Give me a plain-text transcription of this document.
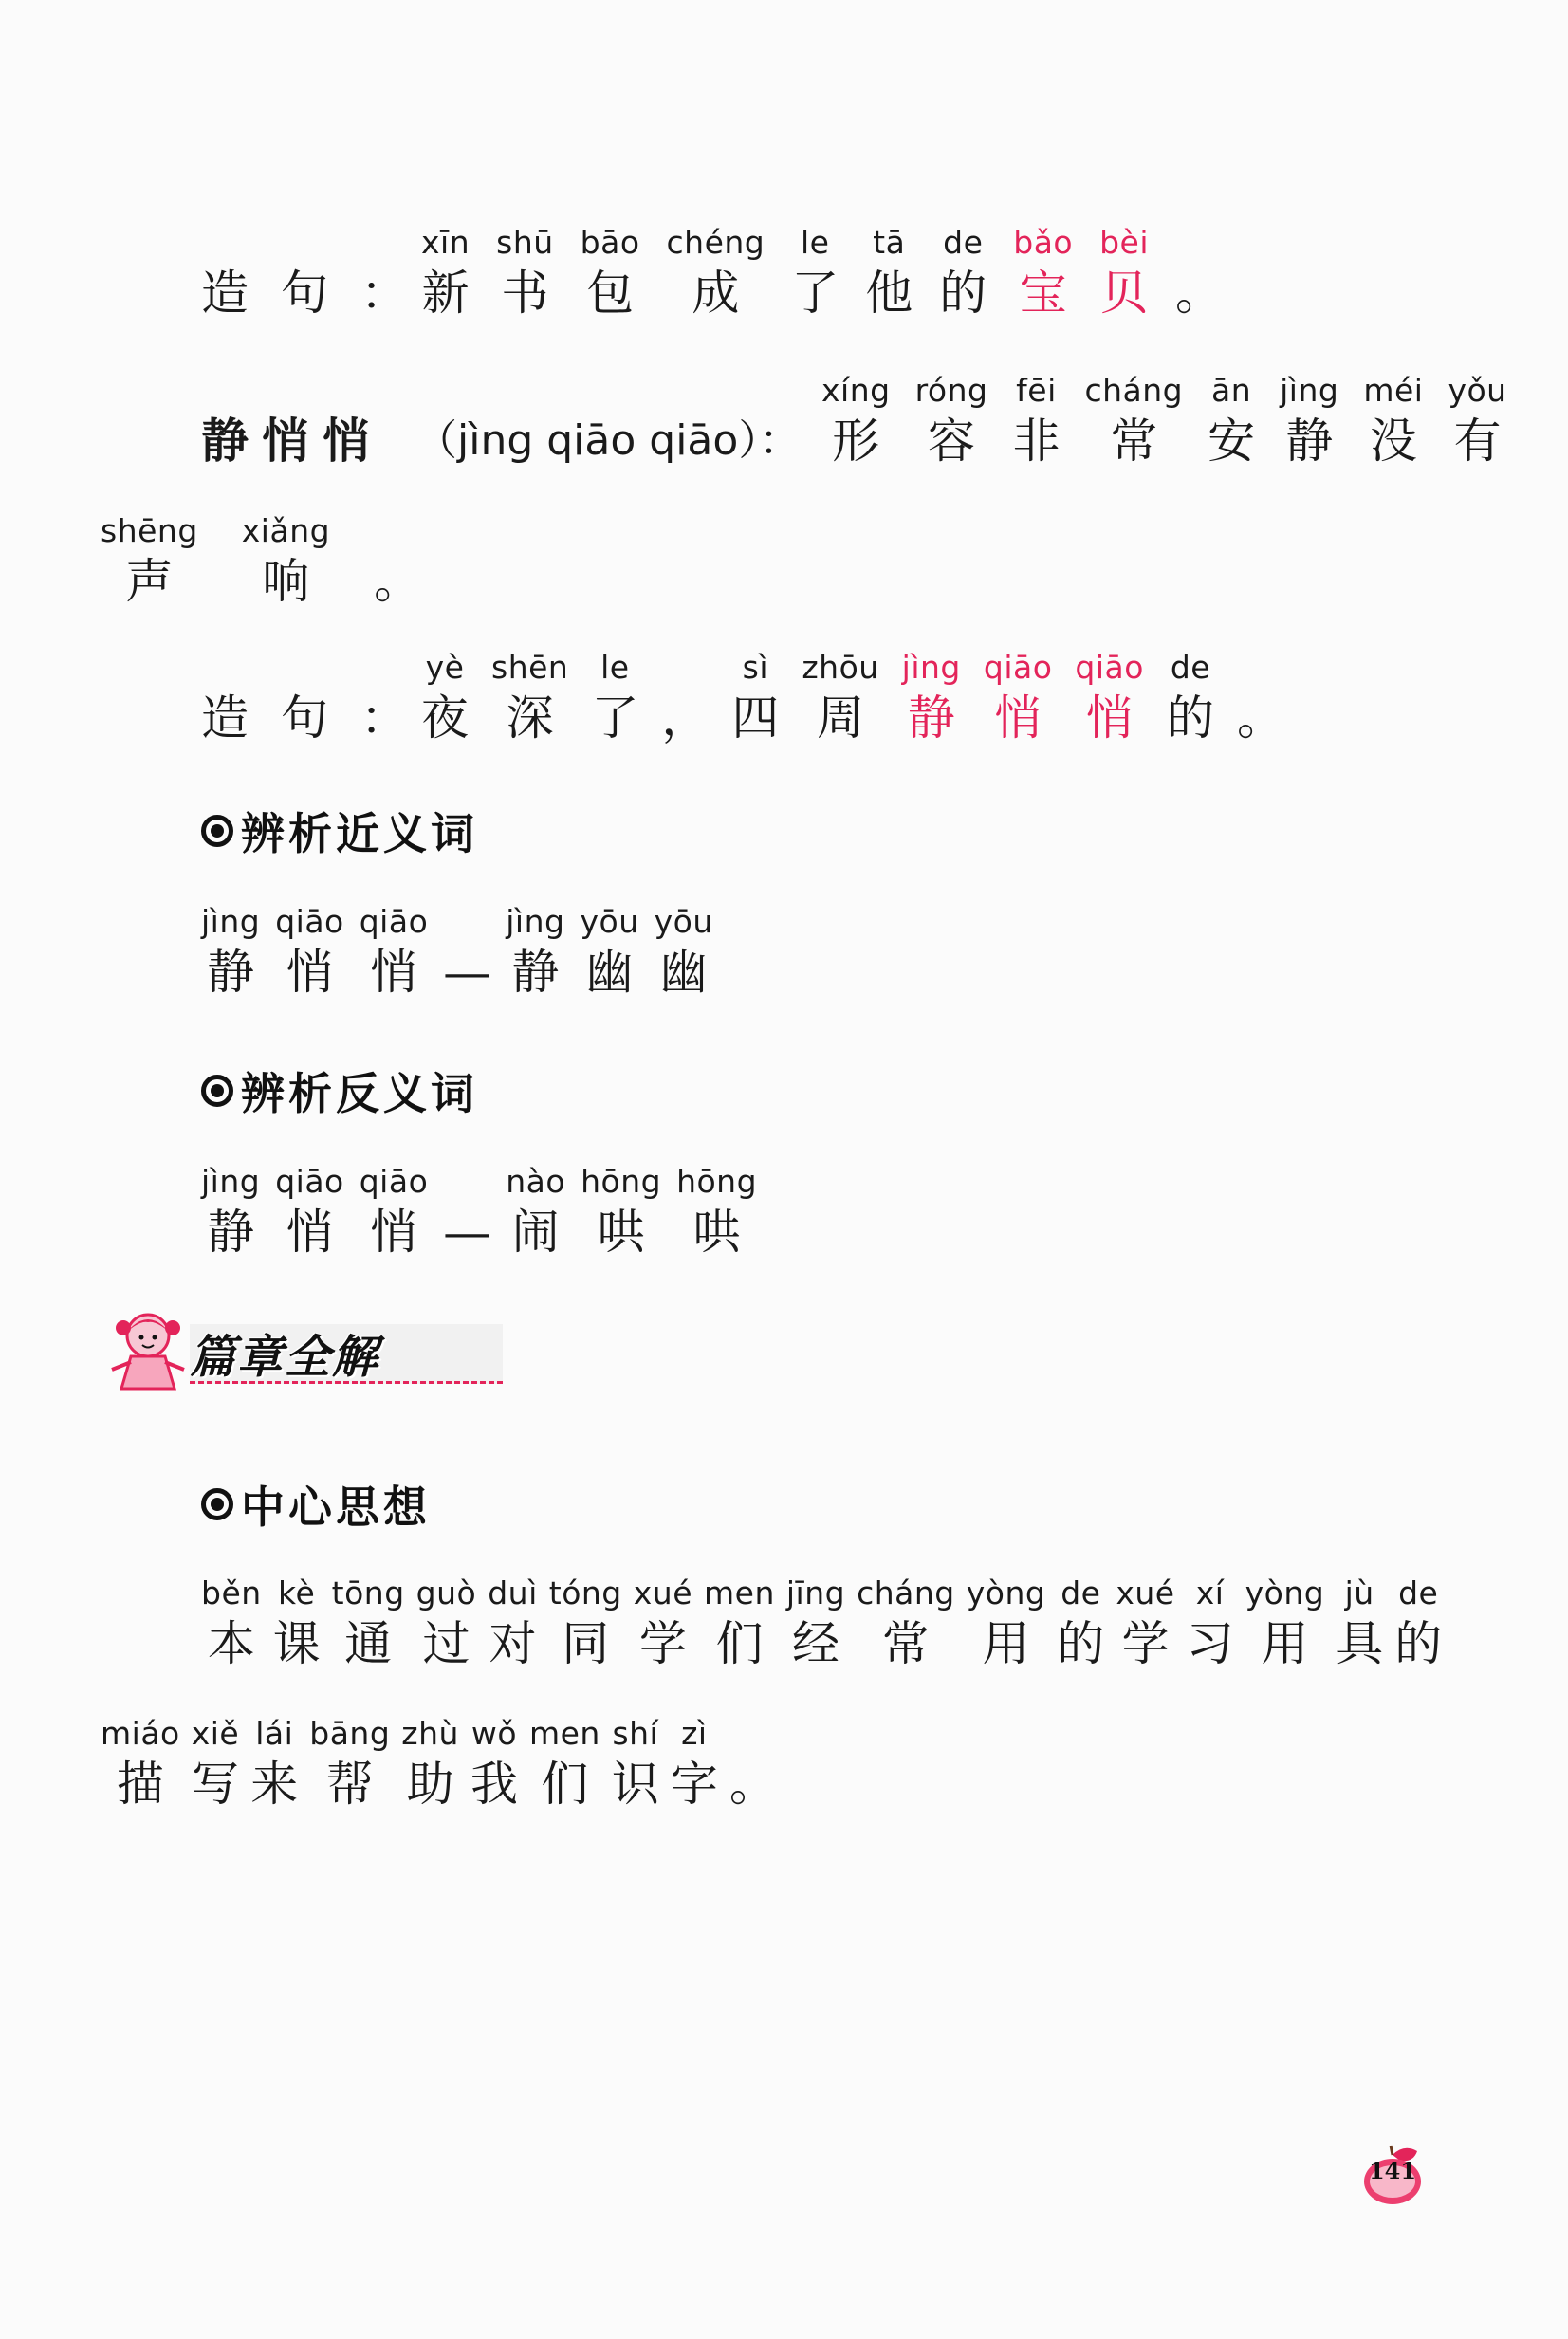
造 句 ：
xīn
新
shū
书
bāo
包
chéng
成
le
了
tā
他
de
的
bǎo
宝
bèi
贝 。
静 悄 悄 （jìng qiāo qiāo）：
xíng
形
róng
容
fēi
非
cháng
常
ān
安
jìng
静
méi
没
yǒu
有
shēng
声
xiǎng
响 。
造 句 ：
yè
夜
shēn
深
le
了 ，
sì
四
zhōu
周
jìng
静
qiāo
悄
qiāo
悄
de
的 。
辨析近义词
jìng
静
qiāo
悄
qiāo
悄 —
jìng
静
yōu
幽
yōu
幽
辨析反义词
jìng
静
qiāo
悄
qiāo
悄 —
nào
闹
hōng
哄
hōng
哄
篇章全解
中心思想
běn
本
kè
课
tōng
通
guò
过
duì
对
tóng
同
xué
学
men
们
jīng
经
cháng
常
yòng
用
de
的
xué
学
xí
习
yòng
用
jù
具
de
的
miáo
描
xiě
写
lái
来
bāng
帮
zhù
助
wǒ
我
men
们
shí
识
zì
字 。
141
